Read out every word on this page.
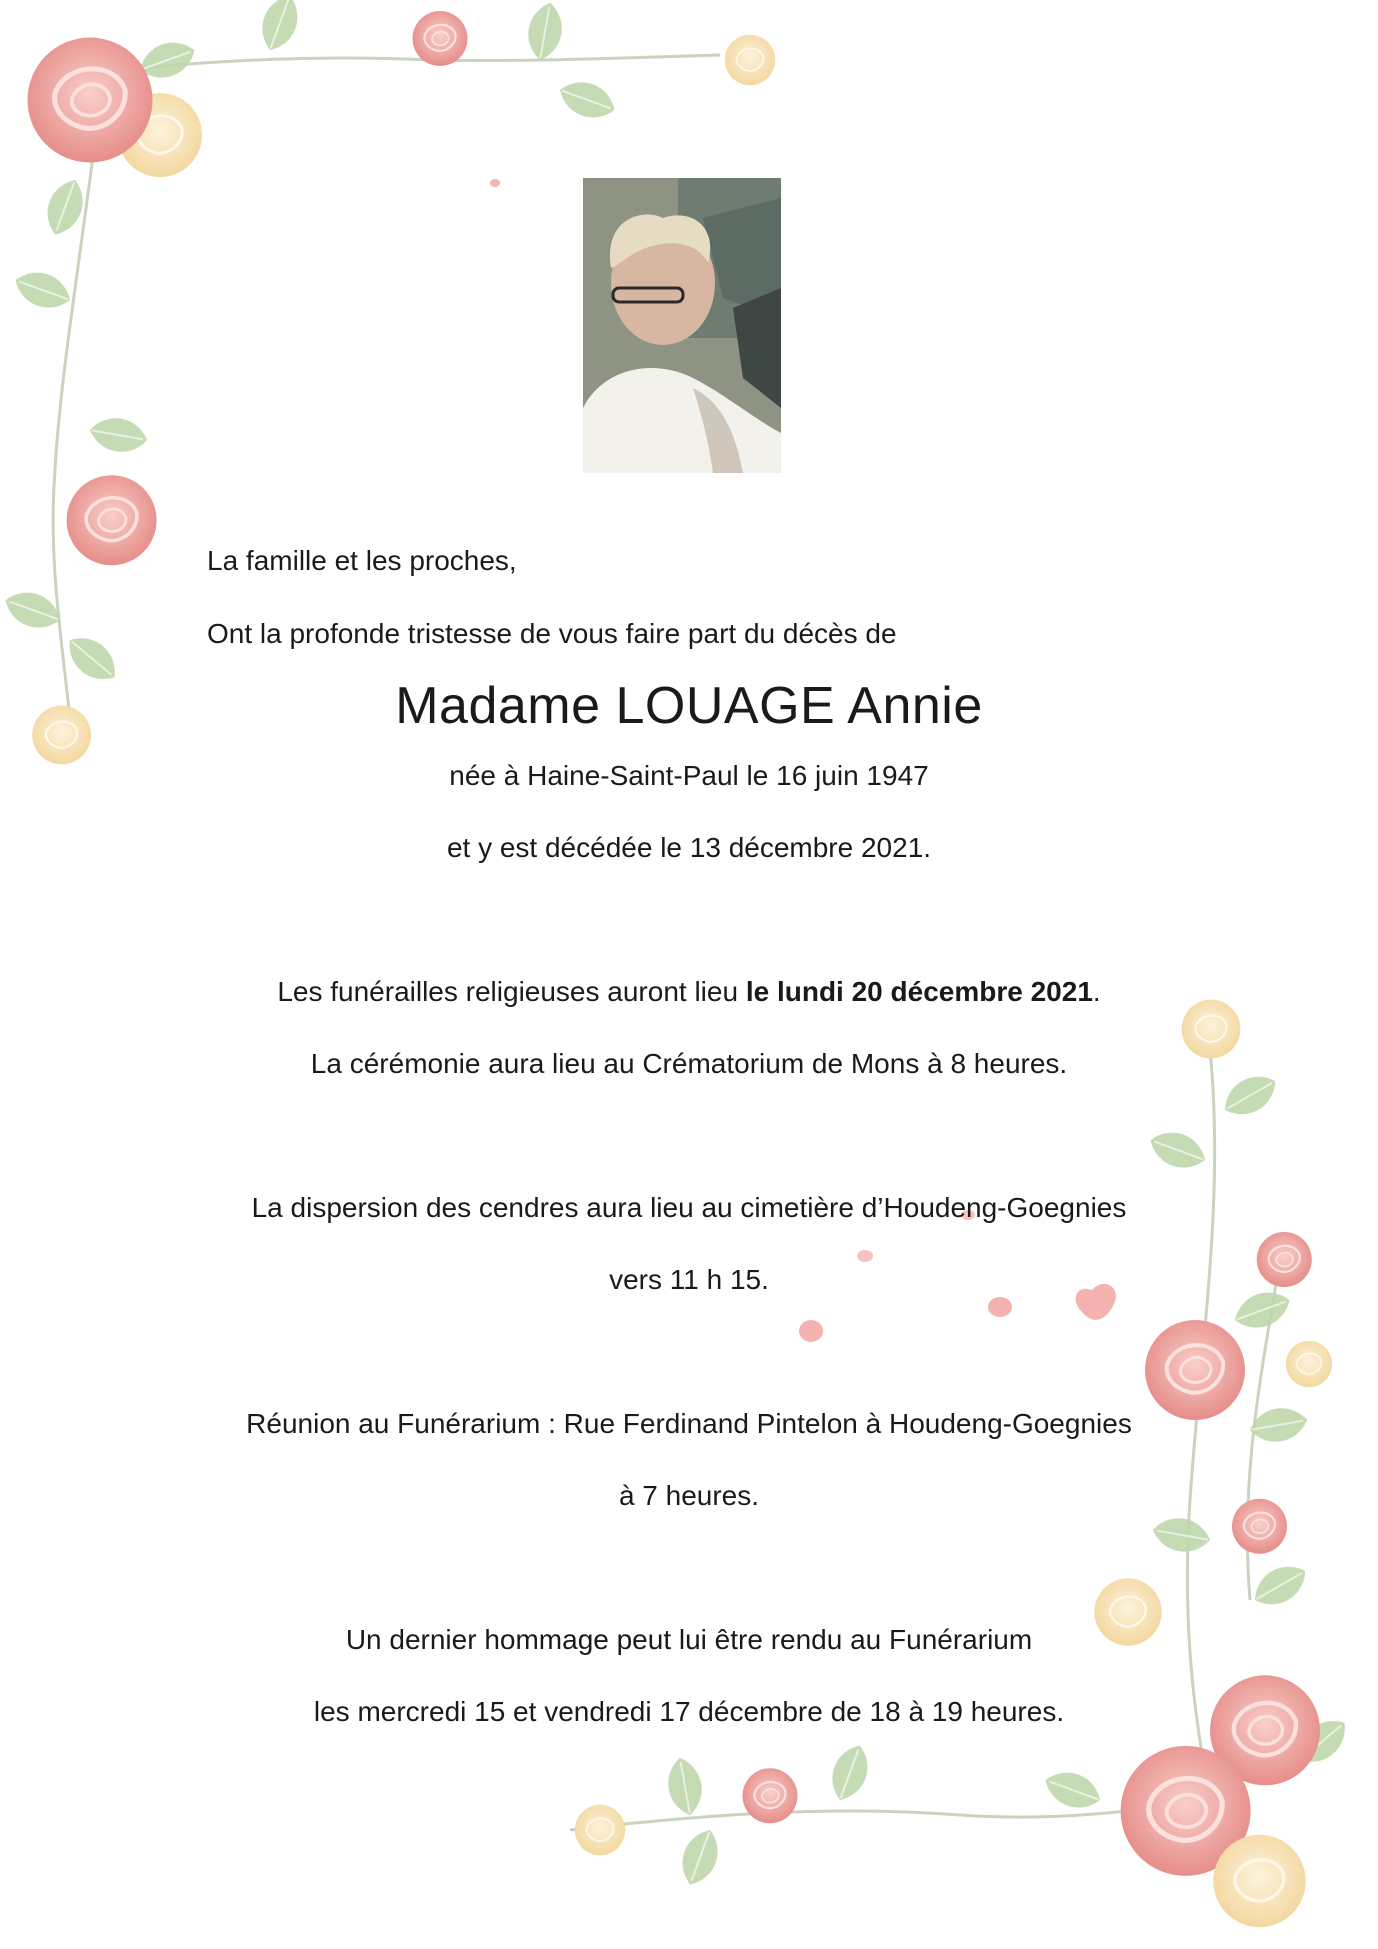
La famille et les proches,
Ont la profonde tristesse de vous faire part du décès de
Madame LOUAGE Annie
née à Haine-Saint-Paul le 16 juin 1947
et y est décédée le 13 décembre 2021.
Les funérailles religieuses auront lieu le lundi 20 décembre 2021.
La cérémonie aura lieu au Crématorium de Mons à 8 heures.
La dispersion des cendres aura lieu au cimetière d’Houdeng-Goegnies
vers 11 h 15.
Réunion au Funérarium : Rue Ferdinand Pintelon à Houdeng-Goegnies
à 7 heures.
Un dernier hommage peut lui être rendu au Funérarium
les mercredi 15 et vendredi 17 décembre de 18 à 19 heures.
